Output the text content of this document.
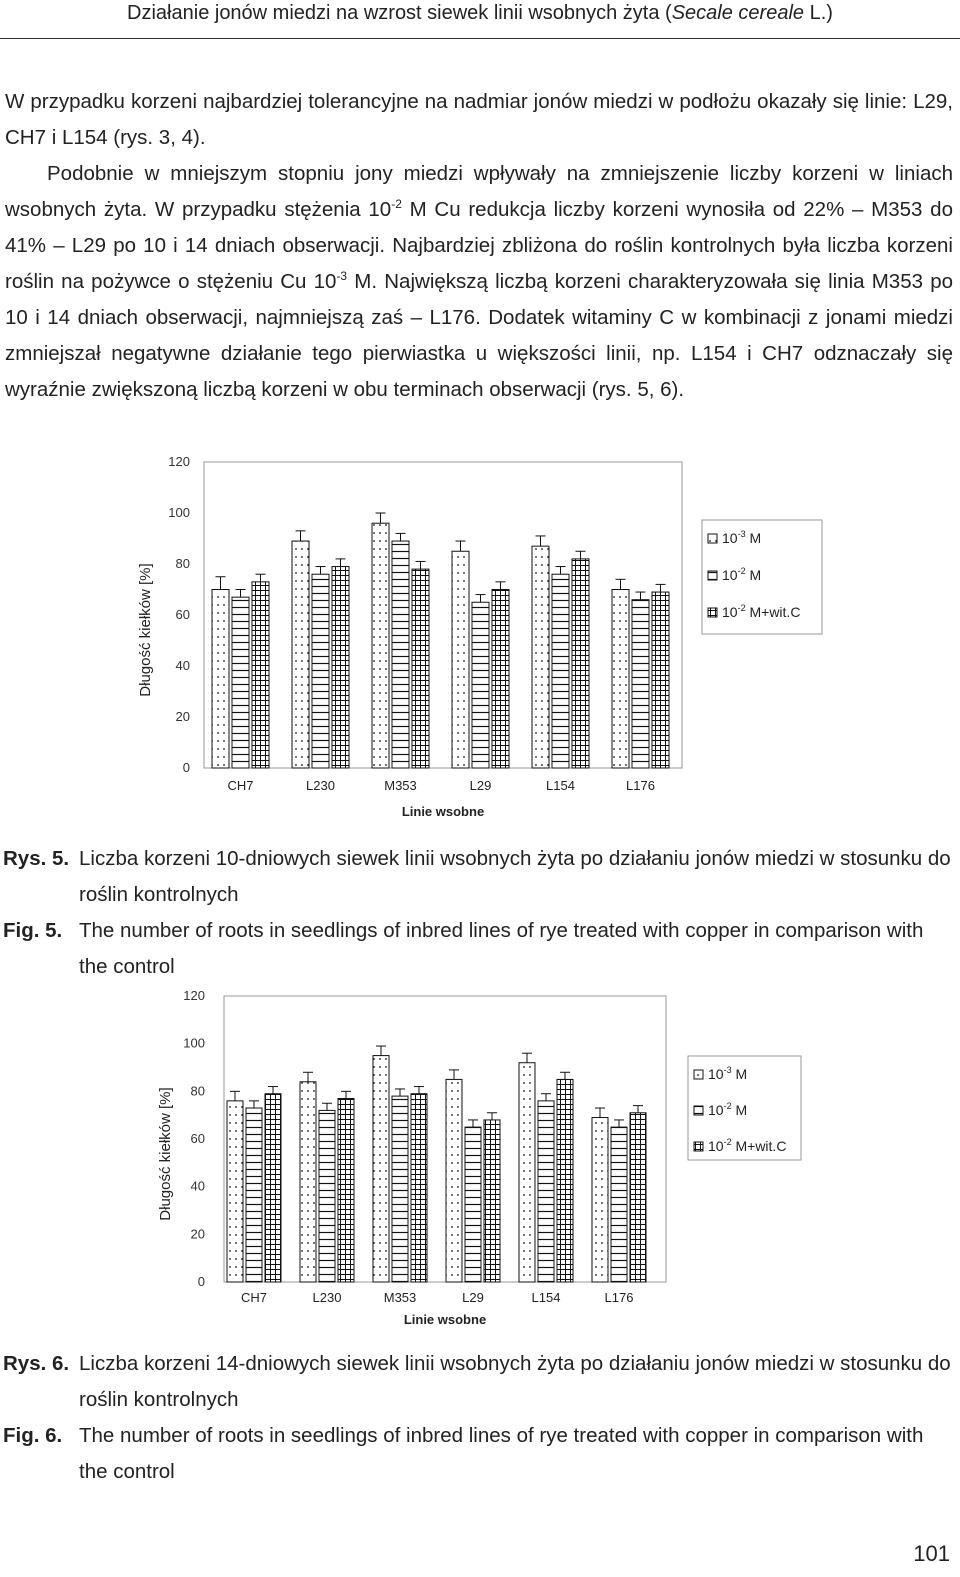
Działanie jonów miedzi na wzrost siewek linii wsobnych żyta (Secale cereale L.)

W przypadku korzeni najbardziej tolerancyjne na nadmiar jonów miedzi w podłożu okazały się linie: L29, CH7 i L154 (rys. 3, 4).

Podobnie w mniejszym stopniu jony miedzi wpływały na zmniejszenie liczby korzeni w liniach wsobnych żyta. W przypadku stężenia $10^{-2}$ M Cu redukcja liczby korzeni wynosiła od 22% – M353 do 41% – L29 po 10 i 14 dniach obserwacji. Najbardziej zbliżona do roślin kontrolnych była liczba korzeni roślin na pożywce o stężeniu Cu $10^{-3}$ M. Największą liczbą korzeni charakteryzowała się linia M353 po 10 i 14 dniach obserwacji, najmniejszą zaś – L176. Dodatek witaminy C w kombinacji z jonami miedzi zmniejszał negatywne działanie tego pierwiastka u większości linii, np. L154 i CH7 odznaczały się wyraźnie zwiększoną liczbą korzeni w obu terminach obserwacji (rys. 5, 6).

0
20
40
60
80
100
120
Długość kiełków [%]
CH7	L230	M353	L29	L154	L176
Linie wsobne
$10^{-3}$ M
$10^{-2}$ M
$10^{-2}$ M+wit.C
Rys. 5. Liczba korzeni 10-dniowych siewek linii wsobnych żyta po działaniu jonów miedzi w stosunku do roślin kontrolnych
Fig. 5. The number of roots in seedlings of inbred lines of rye treated with copper in comparison with the control
0
20
40
60
80
100
120
Długość kiełków [%]
CH7	L230	M353	L29	L154	L176
Linie wsobne
$10^{-3}$ M
$10^{-2}$ M
$10^{-2}$ M+wit.C
Rys. 6. Liczba korzeni 14-dniowych siewek linii wsobnych żyta po działaniu jonów miedzi w stosunku do roślin kontrolnych
Fig. 6. The number of roots in seedlings of inbred lines of rye treated with copper in comparison with the control
101
